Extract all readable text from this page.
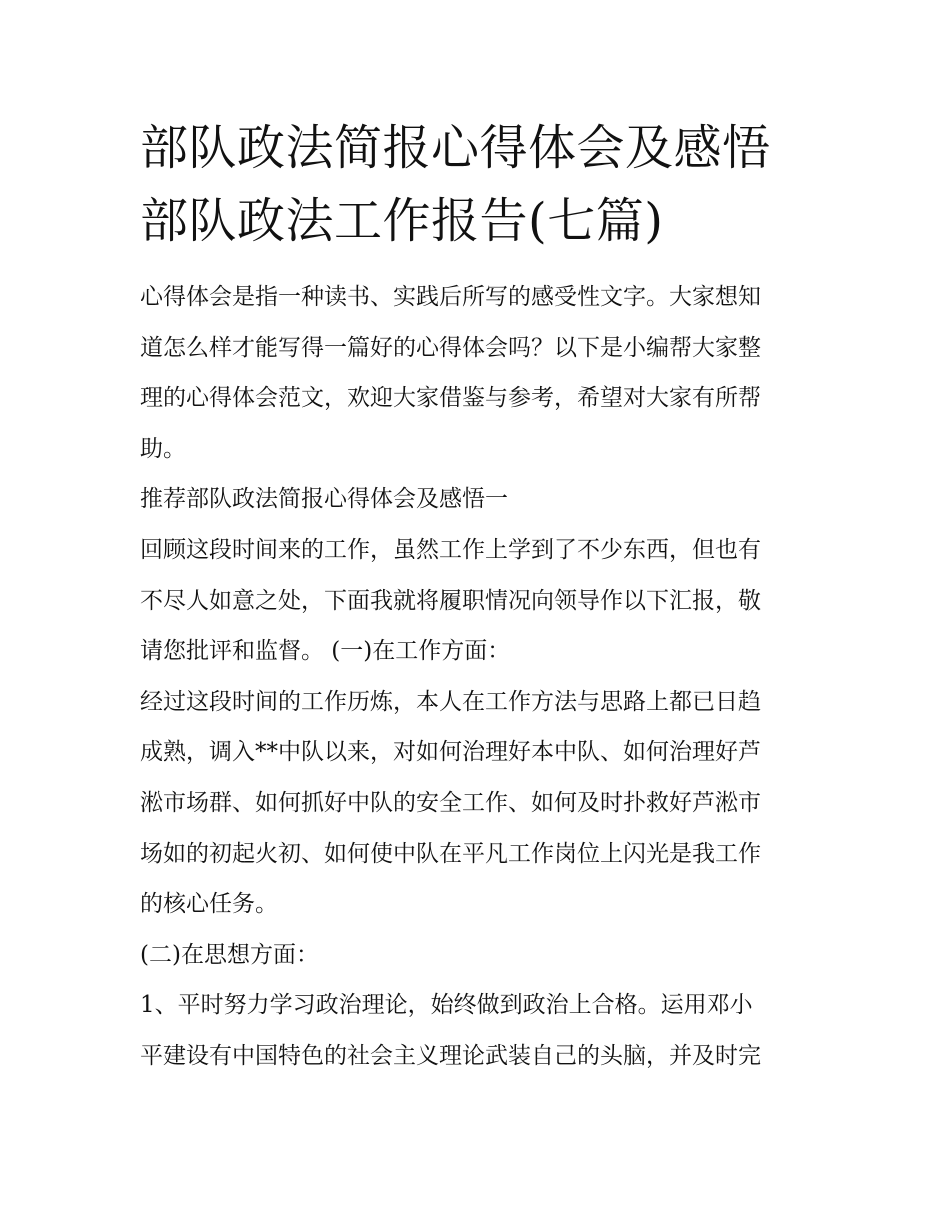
部队政法简报心得体会及感悟
部队政法工作报告(七篇)

心得体会是指一种读书、实践后所写的感受性文字。大家想知

道怎么样才能写得一篇好的心得体会吗？以下是小编帮大家整

理的心得体会范文，欢迎大家借鉴与参考，希望对大家有所帮

助。

推荐部队政法简报心得体会及感悟一

回顾这段时间来的工作，虽然工作上学到了不少东西，但也有

不尽人如意之处，下面我就将履职情况向领导作以下汇报，敬

请您批评和监督。 (一)在工作方面：

经过这段时间的工作历炼，本人在工作方法与思路上都已日趋

成熟，调入**中队以来，对如何治理好本中队、如何治理好芦

淞市场群、如何抓好中队的安全工作、如何及时扑救好芦淞市

场如的初起火初、如何使中队在平凡工作岗位上闪光是我工作

的核心任务。

(二)在思想方面：

1、平时努力学习政治理论，始终做到政治上合格。运用邓小

平建设有中国特色的社会主义理论武装自己的头脑，并及时完
